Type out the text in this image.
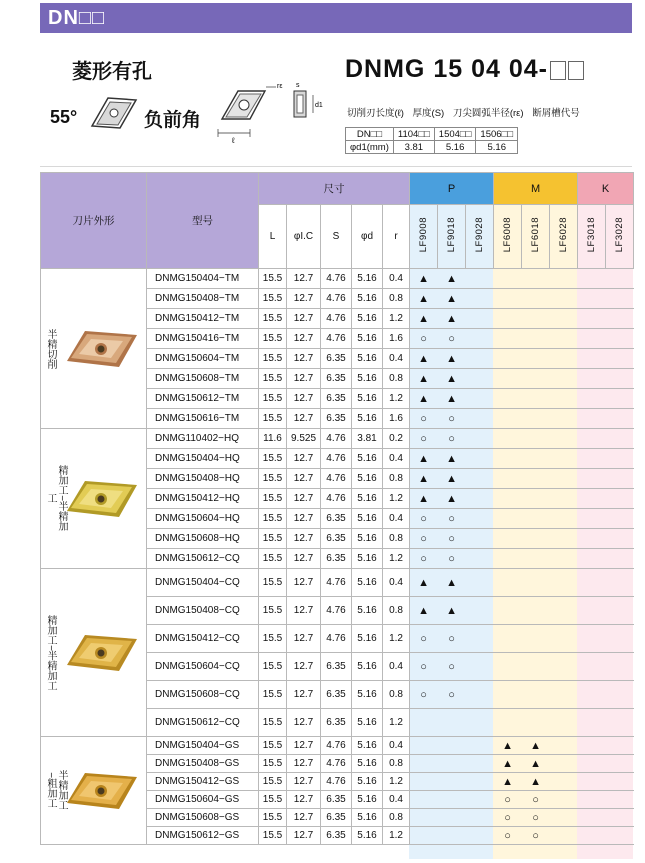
DN□□
菱形有孔
55°	负前角
ℓ
rε s
d1
DNMG 15 04 04-
切削刃长度(ℓ) 厚度(S) 刀尖圆弧半径(rε) 断屑槽代号
DN□□	1104□□	1504□□	1506□□
φd1(mm)	3.81	5.16	5.16
刀片外形	型号	尺寸					P			M			K	
		L	φI.C	S	φd	r	LF9008	LF9018	LF9028	LF6008	LF6018	LF6028	LF3018	LF3028

半精切削	DNMG150404−TM	15.5	12.7	4.76	5.16	0.4	▲	▲						
	DNMG150408−TM	15.5	12.7	4.76	5.16	0.8	▲	▲						
	DNMG150412−TM	15.5	12.7	4.76	5.16	1.2	▲	▲						
	DNMG150416−TM	15.5	12.7	4.76	5.16	1.6	○	○						
	DNMG150604−TM	15.5	12.7	6.35	5.16	0.4	▲	▲						
	DNMG150608−TM	15.5	12.7	6.35	5.16	0.8	▲	▲						
	DNMG150612−TM	15.5	12.7	6.35	5.16	1.2	▲	▲						
	DNMG150616−TM	15.5	12.7	6.35	5.16	1.6	○	○						

精加工−半精加工	DNMG110402−HQ	11.6	9.525	4.76	3.81	0.2	○	○						
	DNMG150404−HQ	15.5	12.7	4.76	5.16	0.4	▲	▲						
	DNMG150408−HQ	15.5	12.7	4.76	5.16	0.8	▲	▲						
	DNMG150412−HQ	15.5	12.7	4.76	5.16	1.2	▲	▲						
	DNMG150604−HQ	15.5	12.7	6.35	5.16	0.4	○	○						
	DNMG150608−HQ	15.5	12.7	6.35	5.16	0.8	○	○						
	DNMG150612−CQ	15.5	12.7	6.35	5.16	1.2	○	○						

精加工−半精加工	DNMG150404−CQ	15.5	12.7	4.76	5.16	0.4	▲	▲						
	DNMG150408−CQ	15.5	12.7	4.76	5.16	0.8	▲	▲						
	DNMG150412−CQ	15.5	12.7	4.76	5.16	1.2	○	○						
	DNMG150604−CQ	15.5	12.7	6.35	5.16	0.4	○	○						
	DNMG150608−CQ	15.5	12.7	6.35	5.16	0.8	○	○						
	DNMG150612−CQ	15.5	12.7	6.35	5.16	1.2								

半精加工−粗加工	DNMG150404−GS	15.5	12.7	4.76	5.16	0.4				▲	▲			
	DNMG150408−GS	15.5	12.7	4.76	5.16	0.8				▲	▲			
	DNMG150412−GS	15.5	12.7	4.76	5.16	1.2				▲	▲			
	DNMG150604−GS	15.5	12.7	6.35	5.16	0.4				○	○			
	DNMG150608−GS	15.5	12.7	6.35	5.16	0.8				○	○			
	DNMG150612−GS	15.5	12.7	6.35	5.16	1.2				○	○			
